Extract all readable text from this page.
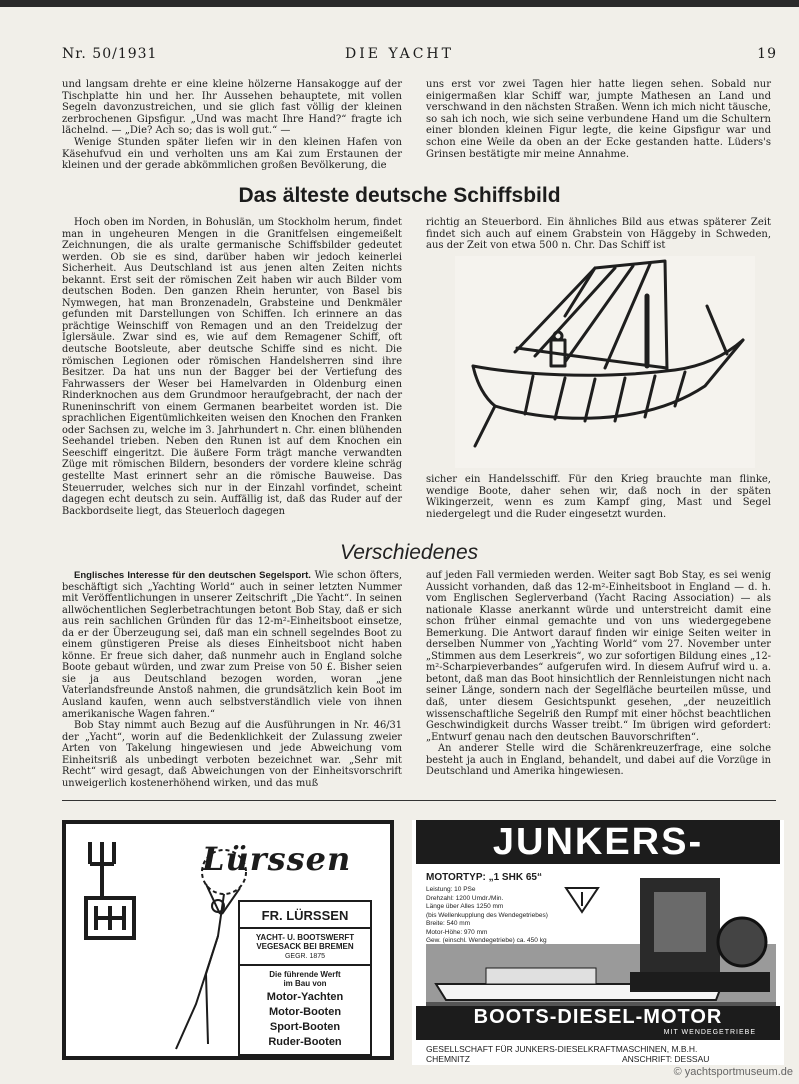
Nr. 50/1931	DIE YACHT	19

und langsam drehte er eine kleine hölzerne Hansakogge auf der Tischplatte hin und her. Ihr Aussehen behauptete, mit vollen Segeln davonzustreichen, und sie glich fast völlig der kleinen zerbrochenen Gipsfigur. „Und was macht Ihre Hand?“ fragte ich lächelnd. — „Die? Ach so; das is woll gut.“ —

Wenige Stunden später liefen wir in den kleinen Hafen von Käsehufvud ein und verholten uns am Kai zum Erstaunen der kleinen und der gerade abkömmlichen großen Bevölkerung, die

uns erst vor zwei Tagen hier hatte liegen sehen. Sobald nur einigermaßen klar Schiff war, jumpte Mathesen an Land und verschwand in den nächsten Straßen. Wenn ich mich nicht täusche, so sah ich noch, wie sich seine verbundene Hand um die Schultern einer blonden kleinen Figur legte, die keine Gipsfigur war und schon eine Weile da oben an der Ecke gestanden hatte. Lüders's Grinsen bestätigte mir meine Annahme.

Das älteste deutsche Schiffsbild

Hoch oben im Norden, in Bohuslän, um Stockholm herum, findet man in ungeheuren Mengen in die Granitfelsen eingemeißelt Zeichnungen, die als uralte germanische Schiffsbilder gedeutet werden. Ob sie es sind, darüber haben wir jedoch keinerlei Sicherheit. Aus Deutschland ist aus jenen alten Zeiten nichts bekannt. Erst seit der römischen Zeit haben wir auch Bilder vom deutschen Boden. Den ganzen Rhein herunter, von Basel bis Nymwegen, hat man Bronzenadeln, Grabsteine und Denkmäler gefunden mit Darstellungen von Schiffen. Ich erinnere an das prächtige Weinschiff von Remagen und an den Treidelzug der Iglersäule. Zwar sind es, wie auf dem Remagener Schiff, oft deutsche Bootsleute, aber deutsche Schiffe sind es nicht. Die römischen Legionen oder römischen Handelsherren sind ihre Besitzer. Da hat uns nun der Bagger bei der Vertiefung des Fahrwassers der Weser bei Hamelvarden in Oldenburg einen Rinderknochen aus dem Grundmoor heraufgebracht, der nach der Runeninschrift von einem Germanen bearbeitet worden ist. Die sprachlichen Eigentümlichkeiten weisen den Knochen den Franken oder Sachsen zu, welche im 3. Jahrhundert n. Chr. einen blühenden Seehandel trieben. Neben den Runen ist auf dem Knochen ein Seeschiff eingeritzt. Die äußere Form trägt manche verwandten Züge mit römischen Bildern, besonders der vordere kleine schräg gestellte Mast erinnert sehr an die römische Bauweise. Das Steuerruder, welches sich nur in der Einzahl vorfindet, scheint dagegen echt deutsch zu sein. Auffällig ist, daß das Ruder auf der Backbordseite liegt, das Steuerloch dagegen

richtig an Steuerbord. Ein ähnliches Bild aus etwas späterer Zeit findet sich auch auf einem Grabstein von Häggeby in Schweden, aus der Zeit von etwa 500 n. Chr. Das Schiff ist

sicher ein Handelsschiff. Für den Krieg brauchte man flinke, wendige Boote, daher sehen wir, daß noch in der späten Wikingerzeit, wenn es zum Kampf ging, Mast und Segel niedergelegt und die Ruder eingesetzt wurden.

Verschiedenes

Englisches Interesse für den deutschen Segelsport. Wie schon öfters, beschäftigt sich „Yachting World“ auch in seiner letzten Nummer mit Veröffentlichungen in unserer Zeitschrift „Die Yacht“. In seinen allwöchentlichen Seglerbetrachtungen betont Bob Stay, daß er sich aus rein sachlichen Gründen für das 12-m²-Einheitsboot einsetze, da er der Überzeugung sei, daß man ein schnell segelndes Boot zu einem günstigeren Preise als dieses Einheitsboot nicht haben könne. Er freue sich daher, daß nunmehr auch in England solche Boote gebaut würden, und zwar zum Preise von 50 £. Bisher seien sie ja aus Deutschland bezogen worden, woran „jene Vaterlandsfreunde Anstoß nahmen, die grundsätzlich kein Boot im Ausland kaufen, wenn auch selbstverständlich viele von ihnen amerikanische Wagen fahren.“

Bob Stay nimmt auch Bezug auf die Ausführungen in Nr. 46/31 der „Yacht“, worin auf die Bedenklichkeit der Zulassung zweier Arten von Takelung hingewiesen und jede Abweichung vom Einheitsriß als unbedingt verboten bezeichnet war. „Sehr mit Recht“ wird gesagt, daß Abweichungen von der Einheitsvorschrift unweigerlich kostenerhöhend wirken, und das muß

auf jeden Fall vermieden werden. Weiter sagt Bob Stay, es sei wenig Aussicht vorhanden, daß das 12-m²-Einheitsboot in England — d. h. vom Englischen Seglerverband (Yacht Racing Association) — als nationale Klasse anerkannt würde und unterstreicht damit eine schon früher einmal gemachte und von uns wiedergegebene Bemerkung. Die Antwort darauf finden wir einige Seiten weiter in derselben Nummer von „Yachting World“ vom 27. November unter „Stimmen aus dem Leserkreis“, wo zur sofortigen Bildung eines „12-m²-Scharpieverbandes“ aufgerufen wird. In diesem Aufruf wird u. a. betont, daß man das Boot hinsichtlich der Rennleistungen nicht nach seiner Länge, sondern nach der Segelfläche beurteilen müsse, und daß, unter diesem Gesichtspunkt gesehen, „der neuzeitlich wissenschaftliche Segelriß den Rumpf mit einer höchst beachtlichen Geschwindigkeit durchs Wasser treibt.“ Im übrigen wird gefordert: „Entwurf genau nach den deutschen Bauvorschriften“.

An anderer Stelle wird die Schärenkreuzerfrage, eine solche besteht ja auch in England, behandelt, und dabei auf die Vorzüge in Deutschland und Amerika hingewiesen.

Lürssen
FR. LÜRSSEN
YACHT- U. BOOTSWERFT
VEGESACK BEI BREMEN
GEGR. 1875
Die führende Werft
im Bau von
Motor-Yachten
Motor-Booten
Sport-Booten
Ruder-Booten
JUNKERS-
MOTORTYP: „1 SHK 65“
Leistung: 10 PSe
Drehzahl: 1200 Umdr./Min.
Länge über Alles 1250 mm
(bis Wellenkupplung des Wendegetriebes)
Breite: 540 mm
Motor-Höhe: 970 mm
Gew. (einschl. Wendegetriebe) ca. 450 kg
BOOTS-DIESEL-MOTOR
MIT WENDEGETRIEBE
GESELLSCHAFT FÜR JUNKERS-DIESELKRAFTMASCHINEN, M.B.H.
CHEMNITZ	ANSCHRIFT: DESSAU
© yachtsportmuseum.de
